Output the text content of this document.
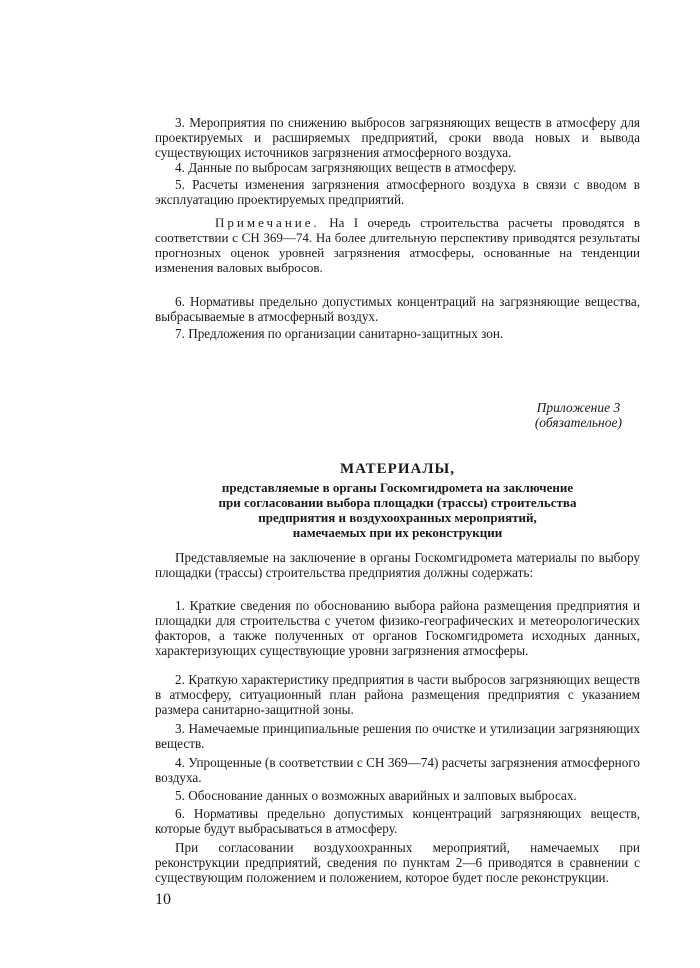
3. Мероприятия по снижению выбросов загрязняющих веществ в атмосферу для проектируемых и расширяемых предприятий, сроки ввода новых и вывода существующих источников загрязнения атмосферного воздуха.

4. Данные по выбросам загрязняющих веществ в атмосферу.

5. Расчеты изменения загрязнения атмосферного воздуха в связи с вводом в эксплуатацию проектируемых предприятий.

Примечание. На I очередь строительства расчеты проводятся в соответствии с СН 369—74. На более длительную перспективу приводятся результаты прогнозных оценок уровней загрязнения атмосферы, основанные на тенденции изменения валовых выбросов.

6. Нормативы предельно допустимых концентраций на загрязняющие вещества, выбрасываемые в атмосферный воздух.

7. Предложения по организации санитарно-защитных зон.

Приложение 3
(обязательное)

МАТЕРИАЛЫ,

представляемые в органы Госкомгидромета на заключение

при согласовании выбора площадки (трассы) строительства

предприятия и воздухоохранных мероприятий,

намечаемых при их реконструкции

Представляемые на заключение в органы Госкомгидромета материалы по выбору площадки (трассы) строительства предприятия должны содержать:

1. Краткие сведения по обоснованию выбора района размещения предприятия и площадки для строительства с учетом физико-географических и метеорологических факторов, а также полученных от органов Госкомгидромета исходных данных, характеризующих существующие уровни загрязнения атмосферы.

2. Краткую характеристику предприятия в части выбросов загрязняющих веществ в атмосферу, ситуационный план района размещения предприятия с указанием размера санитарно-защитной зоны.

3. Намечаемые принципиальные решения по очистке и утилизации загрязняющих веществ.

4. Упрощенные (в соответствии с СН 369—74) расчеты загрязнения атмосферного воздуха.

5. Обоснование данных о возможных аварийных и залповых выбросах.

6. Нормативы предельно допустимых концентраций загрязняющих веществ, которые будут выбрасываться в атмосферу.

При согласовании воздухоохранных мероприятий, намечаемых при реконструкции предприятий, сведения по пунктам 2—6 приводятся в сравнении с существующим положением и положением, которое будет после реконструкции.

10
